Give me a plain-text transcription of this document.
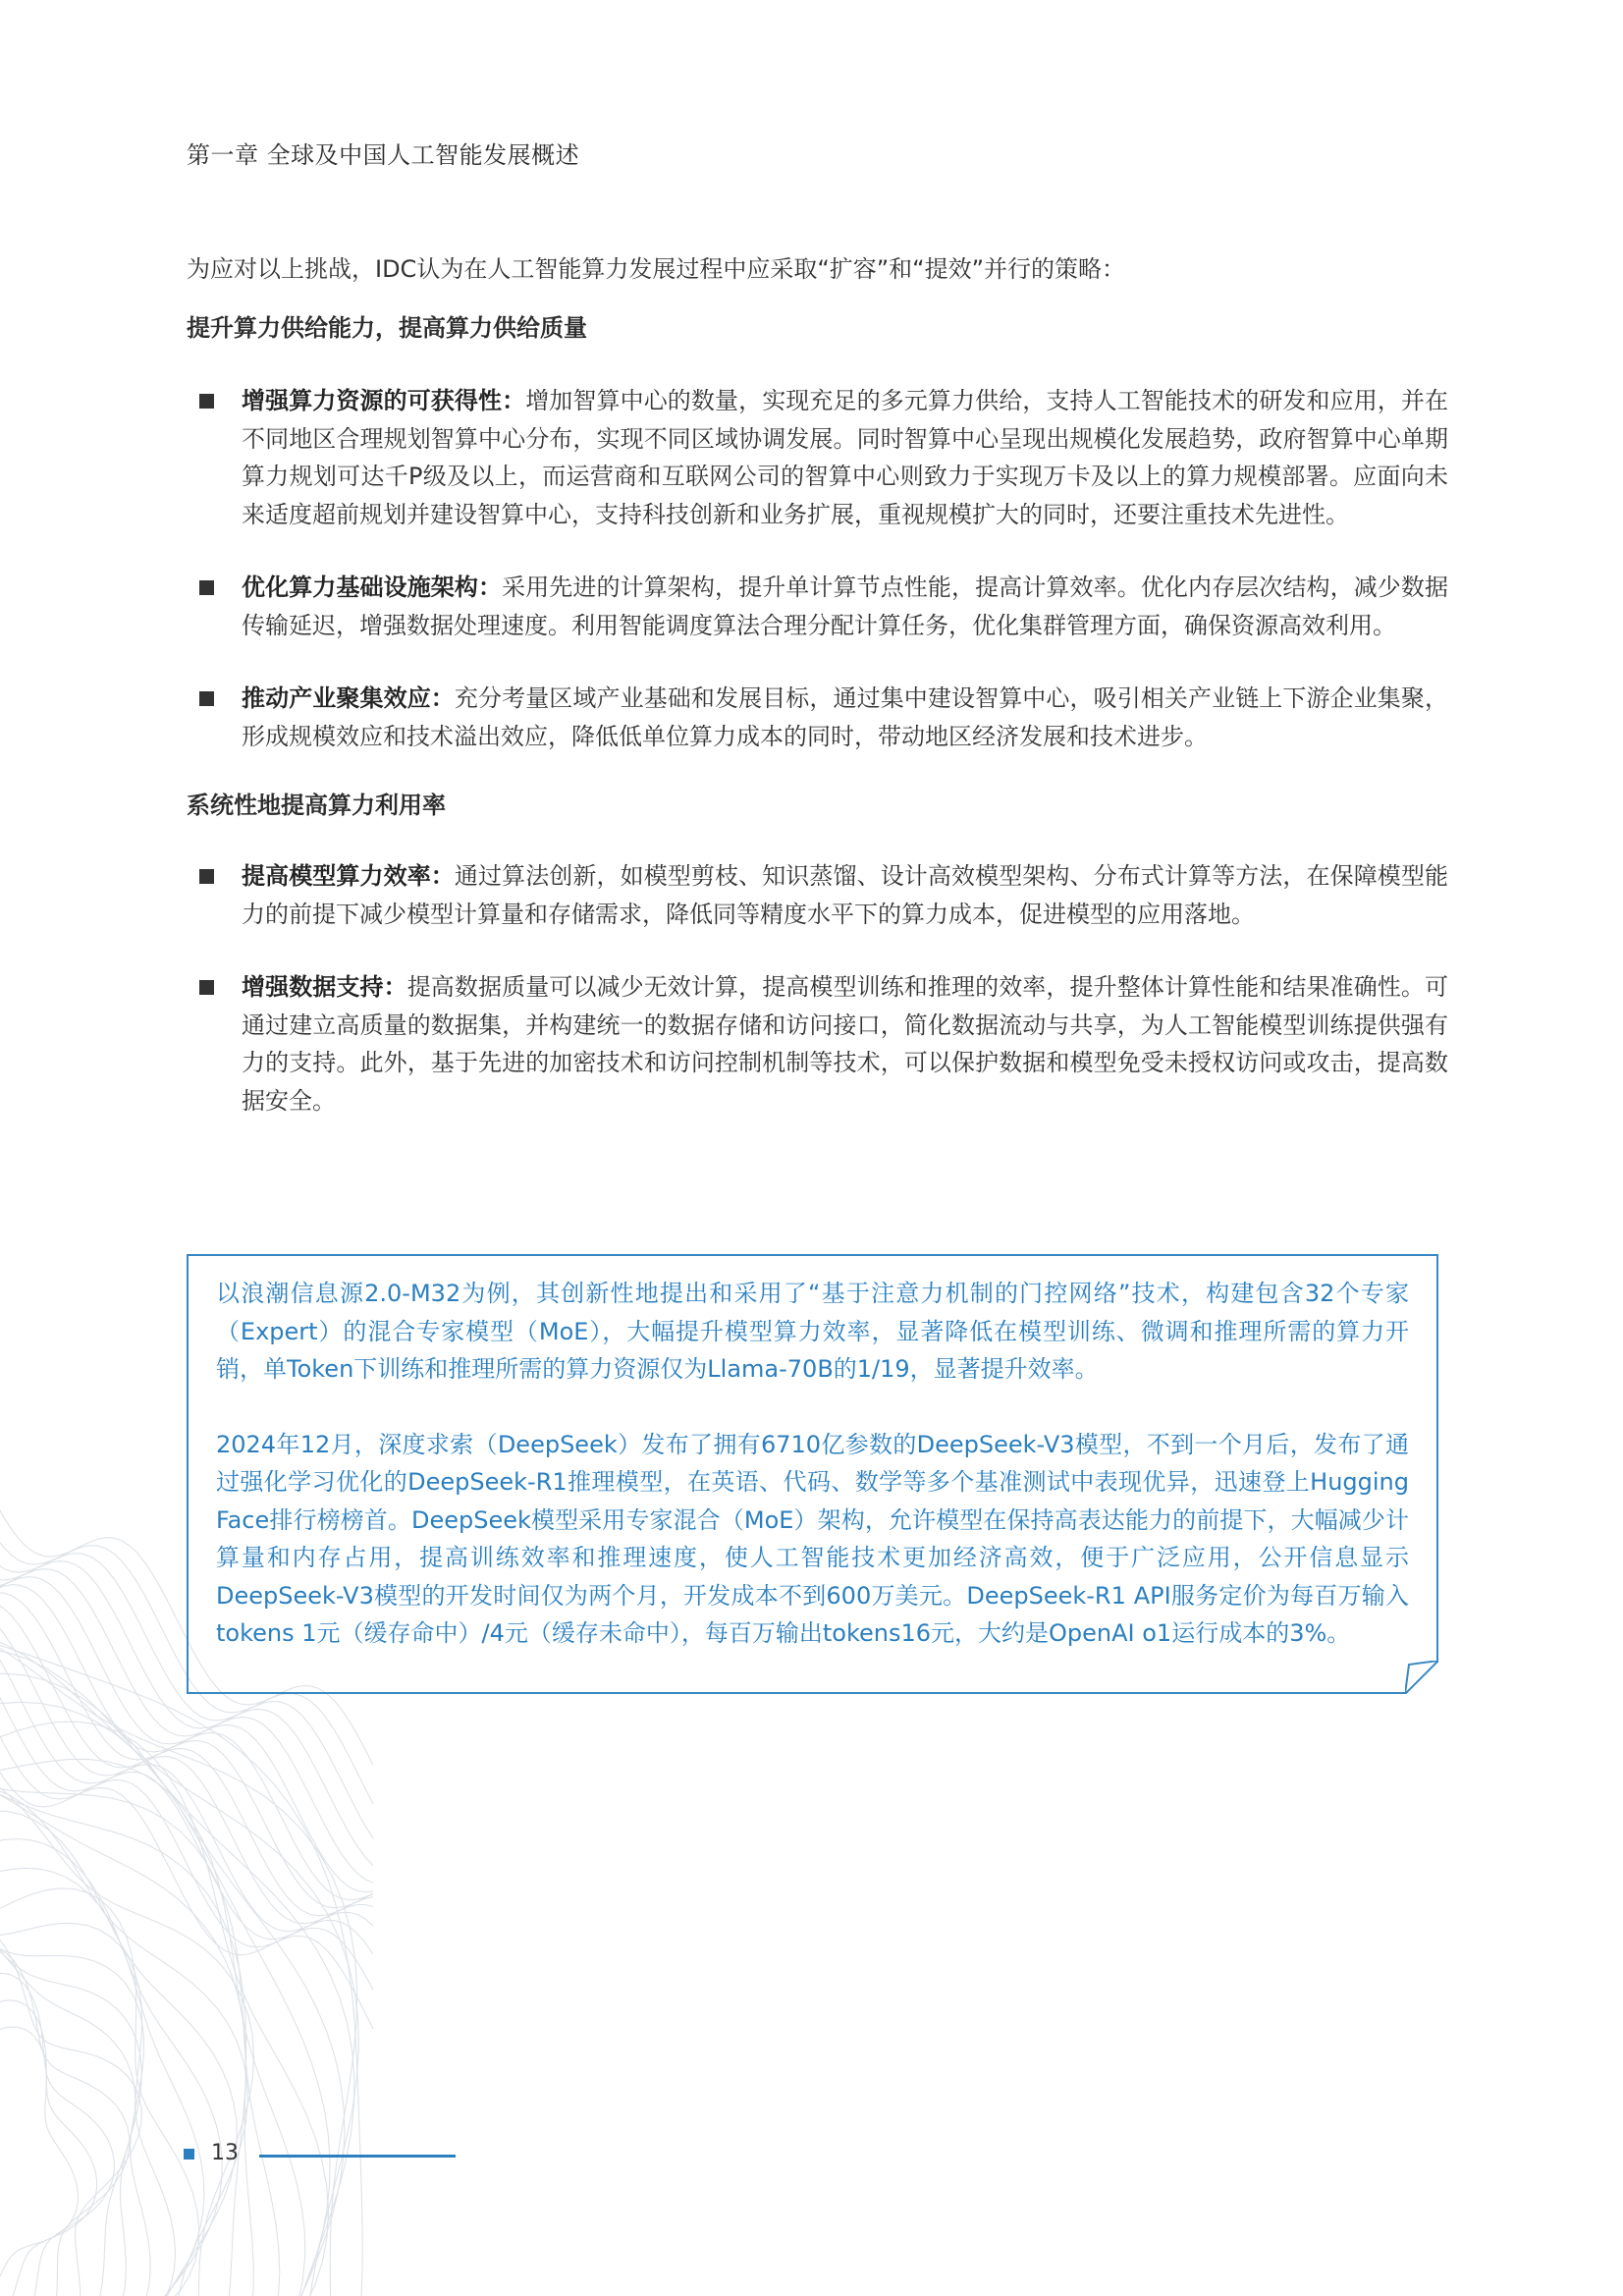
第一章 全球及中国人工智能发展概述

为应对以上挑战，IDC认为在人工智能算力发展过程中应采取“扩容”和“提效”并行的策略：

提升算力供给能力，提高算力供给质量
增强算力资源的可获得性：增加智算中心的数量，实现充足的多元算力供给，支持人工智能技术的研发和应用，并在不同地区合理规划智算中心分布，实现不同区域协调发展。同时智算中心呈现出规模化发展趋势，政府智算中心单期算力规划可达千P级及以上，而运营商和互联网公司的智算中心则致力于实现万卡及以上的算力规模部署。应面向未来适度超前规划并建设智算中心，支持科技创新和业务扩展，重视规模扩大的同时，还要注重技术先进性。
优化算力基础设施架构：采用先进的计算架构，提升单计算节点性能，提高计算效率。优化内存层次结构，减少数据传输延迟，增强数据处理速度。利用智能调度算法合理分配计算任务，优化集群管理方面，确保资源高效利用。
推动产业聚集效应：充分考量区域产业基础和发展目标，通过集中建设智算中心，吸引相关产业链上下游企业集聚，形成规模效应和技术溢出效应，降低低单位算力成本的同时，带动地区经济发展和技术进步。
系统性地提高算力利用率
提高模型算力效率：通过算法创新，如模型剪枝、知识蒸馏、设计高效模型架构、分布式计算等方法，在保障模型能力的前提下减少模型计算量和存储需求，降低同等精度水平下的算力成本，促进模型的应用落地。
增强数据支持：提高数据质量可以减少无效计算，提高模型训练和推理的效率，提升整体计算性能和结果准确性。可通过建立高质量的数据集，并构建统一的数据存储和访问接口，简化数据流动与共享，为人工智能模型训练提供强有力的支持。此外，基于先进的加密技术和访问控制机制等技术，可以保护数据和模型免受未授权访问或攻击，提高数据安全。

以浪潮信息源2.0-M32为例，其创新性地提出和采用了“基于注意力机制的门控网络”技术，构建包含32个专家（Expert）的混合专家模型（MoE），大幅提升模型算力效率，显著降低在模型训练、微调和推理所需的算力开销，单Token下训练和推理所需的算力资源仅为Llama-70B的1/19，显著提升效率。

2024年12月，深度求索（DeepSeek）发布了拥有6710亿参数的DeepSeek-V3模型，不到一个月后，发布了通过强化学习优化的DeepSeek-R1推理模型，在英语、代码、数学等多个基准测试中表现优异，迅速登上Hugging Face排行榜榜首。DeepSeek模型采用专家混合（MoE）架构，允许模型在保持高表达能力的前提下，大幅减少计算量和内存占用，提高训练效率和推理速度，使人工智能技术更加经济高效，便于广泛应用，公开信息显示DeepSeek-V3模型的开发时间仅为两个月，开发成本不到600万美元。DeepSeek-R1 API服务定价为每百万输入tokens 1元（缓存命中）/4元（缓存未命中），每百万输出tokens16元，大约是OpenAI o1运行成本的3%。

13
